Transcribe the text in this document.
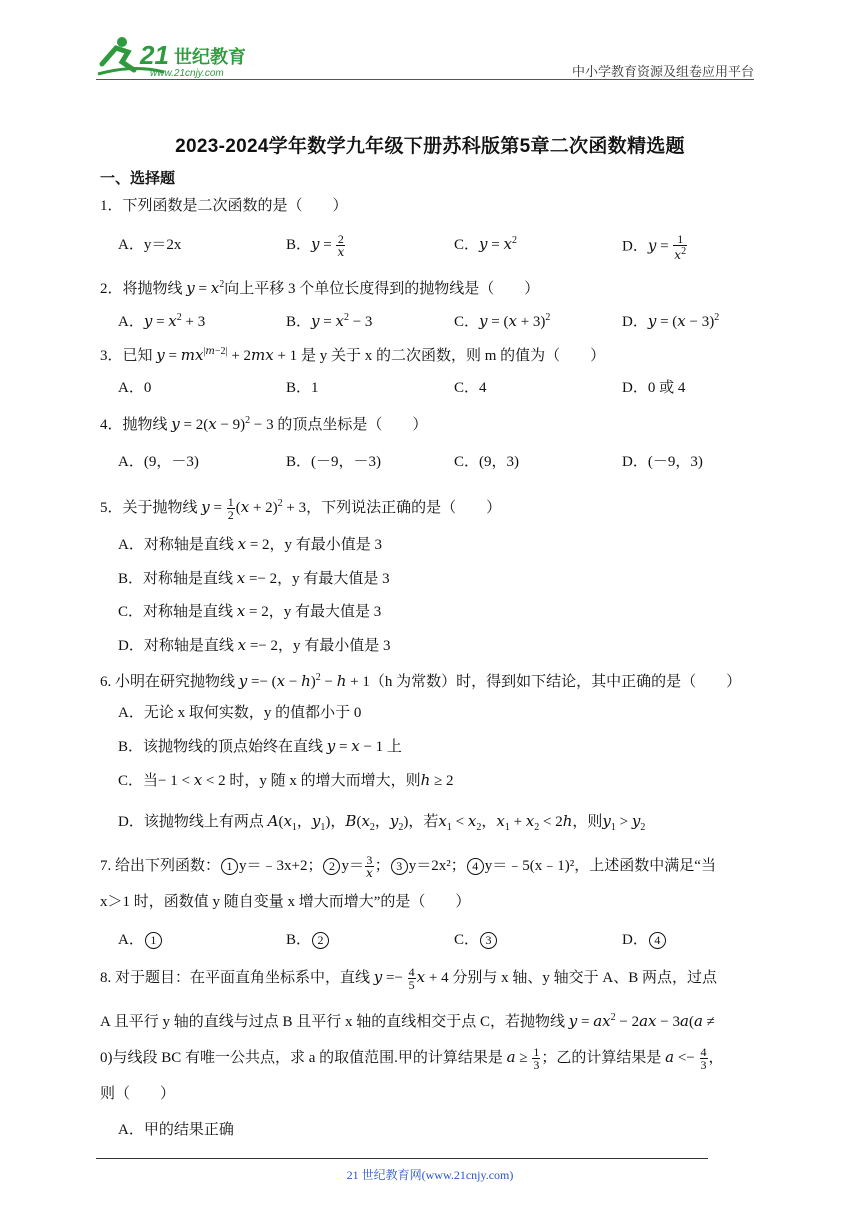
21 世纪教育
www.21cnjy.com	中小学教育资源及组卷应用平台
2023-2024学年数学九年级下册苏科版第5章二次函数精选题
一、选择题
1．下列函数是二次函数的是（　　）
A．y＝2x	B．$y = \frac{2}{x}$	C．$y = x^2$	D．$y = \frac{1}{x^2}$
2．将抛物线 $y = x^2$向上平移 3 个单位长度得到的抛物线是（　　）
A．$y = x^2 + 3$	B．$y = x^2 - 3$	C．$y = (x + 3)^2$	D．$y = (x - 3)^2$
3．已知 $y = mx^{|m-2|} + 2mx + 1$ 是 y 关于 x 的二次函数，则 m 的值为（　　）
A．0	B．1	C．4	D．0 或 4
4．抛物线 $y = 2(x - 9)^2 - 3$ 的顶点坐标是（　　）
A．(9，－3)	B．(－9，－3)	C．(9，3)	D．(－9，3)
5．关于抛物线 $y = \frac{1}{2} (x + 2)^2 + 3$，下列说法正确的是（　　）
A．对称轴是直线 x = 2，y 有最小值是 3
B．对称轴是直线 x =− 2，y 有最大值是 3
C．对称轴是直线 x = 2，y 有最大值是 3
D．对称轴是直线 x =− 2，y 有最小值是 3
6. 小明在研究抛物线 $y =- (x - h)^2 - h + 1(h$ 为常数）时，得到如下结论，其中正确的是（　　）
A．无论 x 取何实数，y 的值都小于 0
B．该抛物线的顶点始终在直线 y = x − 1 上
C．当− 1 < x < 2 时，y 随 x 的增大而增大，则h ≥ 2
D．该抛物线上有两点 $A(x_1$，$y_1$)，$B(x_2$，$y_2$)，若$x_1 < x_2$，$x_1 + x_2 < 2h$，则$y_1 > y_2$
7. 给出下列函数： 1 y＝﹣3x+2； 2 $y= \frac{3}{x}$ ； 3 y＝2x²； 4 y＝﹣5(x﹣1)²，上述函数中满足“当
x＞1 时，函数值 y 随自变量 x 增大而增大”的是（　　）
A． 1	B． 2	C． 3	D． 4
8. 对于题目：在平面直角坐标系中，直线 $y =- \frac{4}{5}$ x + 4 分别与 x 轴、y 轴交于 A、B 两点，过点
A 且平行 y 轴的直线与过点 B 且平行 x 轴的直线相交于点 C，若抛物线 $y = ax^2 - 2ax - 3a(a$ ≠
0)与线段 BC 有唯一公共点，求 a 的取值范围.甲的计算结果是 $a \ge \frac{1}{3}$ ；乙的计算结果是 $a <- \frac{4}{3}$ ，
则（　　）
A．甲的结果正确
21 世纪教育网(www.21cnjy.com)
